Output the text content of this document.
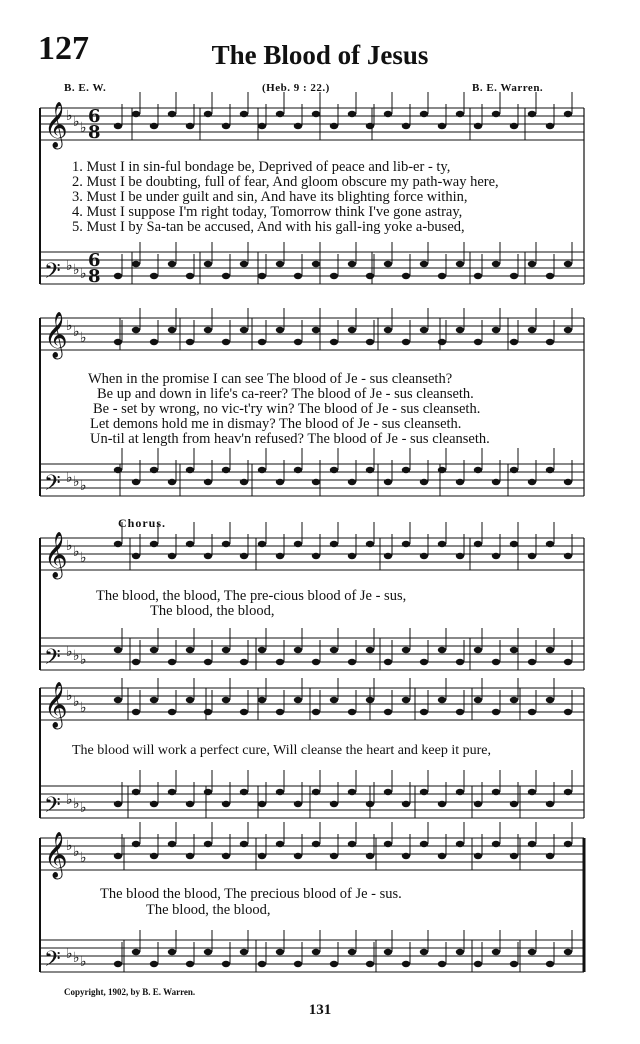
127	The Blood of Jesus
B. E. W.	(Heb. 9 : 22.)	B. E. Warren.
𝄞
♭ ♭ ♭
𝄢 ♭ ♭ ♭
𝄞
♭ ♭ ♭
𝄢 ♭ ♭ ♭
𝄞
♭ ♭ ♭
𝄢 ♭ ♭ ♭
𝄞
♭ ♭ ♭
𝄢 ♭ ♭ ♭
𝄞
♭ ♭ ♭
𝄢 ♭ ♭ ♭
6
6
8
8
1. Must I in sin-ful bondage be, Deprived of peace and lib-er - ty,
2. Must I be doubting, full of fear, And gloom obscure my path-way here,
3. Must I be under guilt and sin, And have its blighting force within,
4. Must I suppose I'm right today, Tomorrow think I've gone astray,
5. Must I by Sa-tan be accused, And with his gall-ing yoke a-bused,
When in the promise I can see The blood of Je - sus cleanseth?
Be up and down in life's ca-reer? The blood of Je - sus cleanseth.
Be - set by wrong, no vic-t'ry win? The blood of Je - sus cleanseth.
Let demons hold me in dismay? The blood of Je - sus cleanseth.
Un-til at length from heav'n refused? The blood of Je - sus cleanseth.
Chorus.
The blood, the blood, The pre-cious blood of Je - sus,
The blood, the blood,
The blood will work a perfect cure, Will cleanse the heart and keep it pure,
The blood the blood, The precious blood of Je - sus.
The blood, the blood,
Copyright, 1902, by B. E. Warren.
131
